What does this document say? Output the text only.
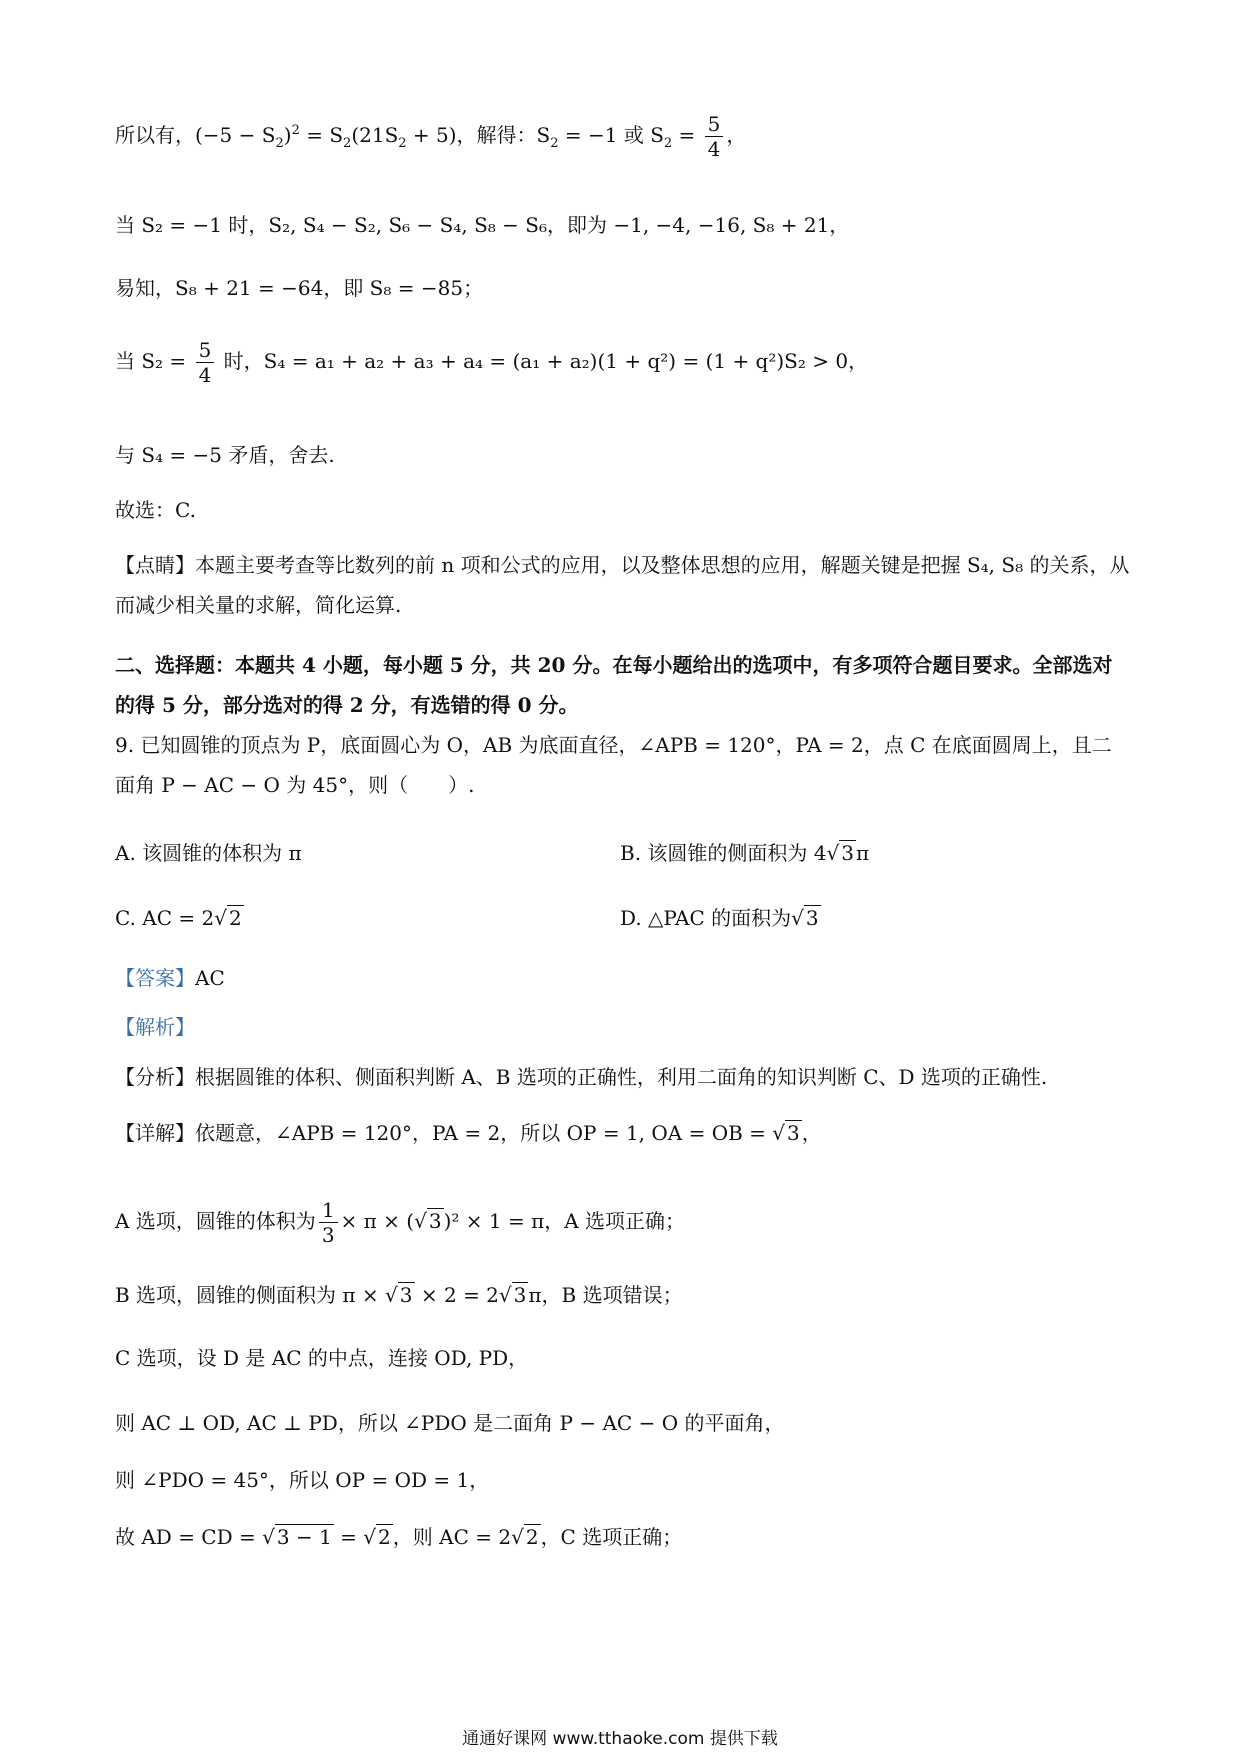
所以有，$(-5 - S_2)^2 = S_2(21S_2 + 5)$，解得：$S_2 = -1$ 或 $S_2 = \frac{5}{4}$ ，
当 S₂ = −1 时，S₂, S₄ − S₂, S₆ − S₄, S₈ − S₆，即为 −1, −4, −16, S₈ + 21，
易知，S₈ + 21 = −64，即 S₈ = −85；
当 $S_2 = \frac{5}{4}$ 时，S₄ = a₁ + a₂ + a₃ + a₄ = (a₁ + a₂)(1 + q²) = (1 + q²)S₂ > 0，
与 S₄ = −5 矛盾，舍去.
故选：C.
【点睛】本题主要考查等比数列的前 n 项和公式的应用，以及整体思想的应用，解题关键是把握 S₄, S₈ 的关系，从而减少相关量的求解，简化运算.
二、选择题：本题共 4 小题，每小题 5 分，共 20 分。在每小题给出的选项中，有多项符合题目要求。全部选对的得 5 分，部分选对的得 2 分，有选错的得 0 分。
9. 已知圆锥的顶点为 P，底面圆心为 O，AB 为底面直径，∠APB = 120°，PA = 2，点 C 在底面圆周上，且二面角 P − AC − O 为 45°，则（　　）.
A. 该圆锥的体积为 π	B. 该圆锥的侧面积为 4√ 3 π
C. AC = 2√ 2	D. △PAC 的面积为√ 3
【答案】AC
【解析】
【分析】根据圆锥的体积、侧面积判断 A、B 选项的正确性，利用二面角的知识判断 C、D 选项的正确性.
【详解】依题意，∠APB = 120°，PA = 2，所以 OP = 1, OA = OB = √ 3 ，
A 选项，圆锥的体积为 $\frac{1}{3} \times \pi$ × (√ 3 )² × 1 = π，A 选项正确；
B 选项，圆锥的侧面积为 π × √ 3 × 2 = 2√ 3 π，B 选项错误；
C 选项，设 D 是 AC 的中点，连接 OD, PD，
则 AC ⊥ OD, AC ⊥ PD，所以 ∠PDO 是二面角 P − AC − O 的平面角，
则 ∠PDO = 45°，所以 OP = OD = 1，
故 AD = CD = √ 3 − 1 = √ 2 ，则 AC = 2√ 2 ，C 选项正确；
通通好课网 www.tthaoke.com 提供下载
